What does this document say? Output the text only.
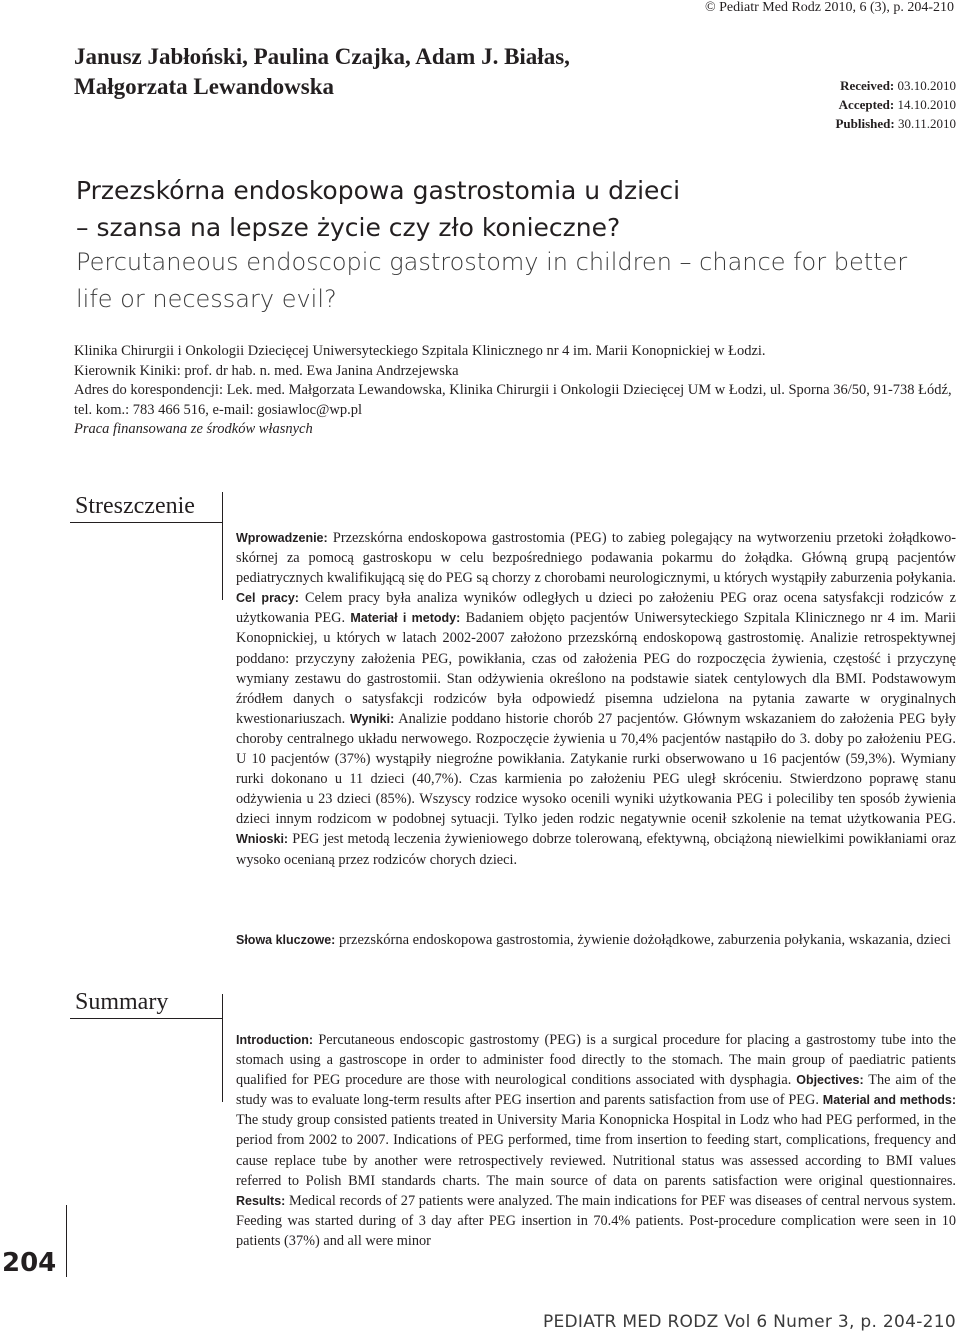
© Pediatr Med Rodz 2010, 6 (3), p. 204-210
Janusz Jabłoński, Paulina Czajka, Adam J. Białas,
Małgorzata Lewandowska	Received: 03.10.2010
Accepted: 14.10.2010
Published: 30.11.2010
Przezskórna endoskopowa gastrostomia u dzieci
– szansa na lepsze życie czy zło konieczne?
Percutaneous endoscopic gastrostomy in children – chance for better
life or necessary evil?

Klinika Chirurgii i Onkologii Dziecięcej Uniwersyteckiego Szpitala Klinicznego nr 4 im. Marii Konopnickiej w Łodzi.

Kierownik Kiniki: prof. dr hab. n. med. Ewa Janina Andrzejewska

Adres do korespondencji: Lek. med. Małgorzata Lewandowska, Klinika Chirurgii i Onkologii Dziecięcej UM w Łodzi, ul. Sporna 36/50, 91-738 Łódź, tel. kom.: 783 466 516, e-mail: gosiawloc@wp.pl

Praca finansowana ze środków własnych

Streszczenie
Wprowadzenie: Przezskórna endoskopowa gastrostomia (PEG) to zabieg polegający na wytworzeniu przetoki żołądkowo-skórnej za pomocą gastroskopu w celu bezpośredniego podawania pokarmu do żołądka. Główną grupą pacjentów pediatrycznych kwalifikującą się do PEG są chorzy z chorobami neurologicznymi, u których wystąpiły zaburzenia połykania. Cel pracy: Celem pracy była analiza wyników odległych u dzieci po założeniu PEG oraz ocena satysfakcji rodziców z użytkowania PEG. Materiał i metody: Badaniem objęto pacjentów Uniwersyteckiego Szpitala Klinicznego nr 4 im. Marii Konopnickiej, u których w latach 2002-2007 założono przezskórną endoskopową gastrostomię. Analizie retrospektywnej poddano: przyczyny założenia PEG, powikłania, czas od założenia PEG do rozpoczęcia żywienia, częstość i przyczynę wymiany zestawu do gastrostomii. Stan odżywienia określono na podstawie siatek centylowych dla BMI. Podstawowym źródłem danych o satysfakcji rodziców była odpowiedź pisemna udzielona na pytania zawarte w oryginalnych kwestionariuszach. Wyniki: Analizie poddano historie chorób 27 pacjentów. Głównym wskazaniem do założenia PEG były choroby centralnego układu nerwowego. Rozpoczęcie żywienia u 70,4% pacjentów nastąpiło do 3. doby po założeniu PEG. U 10 pacjentów (37%) wystąpiły niegroźne powikłania. Zatykanie rurki obserwowano u 16 pacjentów (59,3%). Wymiany rurki dokonano u 11 dzieci (40,7%). Czas karmienia po założeniu PEG uległ skróceniu. Stwierdzono poprawę stanu odżywienia u 23 dzieci (85%). Wszyscy rodzice wysoko ocenili wyniki użytkowania PEG i poleciliby ten sposób żywienia dzieci innym rodzicom w podobnej sytuacji. Tylko jeden rodzic negatywnie ocenił szkolenie na temat użytkowania PEG. Wnioski: PEG jest metodą leczenia żywieniowego dobrze tolerowaną, efektywną, obciążoną niewielkimi powikłaniami oraz wysoko ocenianą przez rodziców chorych dzieci.
Słowa kluczowe: przezskórna endoskopowa gastrostomia, żywienie dożołądkowe, zaburzenia połykania, wskazania, dzieci
Summary
Introduction: Percutaneous endoscopic gastrostomy (PEG) is a surgical procedure for placing a gastrostomy tube into the stomach using a gastroscope in order to administer food directly to the stomach. The main group of paediatric patients qualified for PEG procedure are those with neurological conditions associated with dysphagia. Objectives: The aim of the study was to evaluate long-term results after PEG insertion and parents satisfaction from use of PEG. Material and methods: The study group consisted patients treated in University Maria Konopnicka Hospital in Lodz who had PEG performed, in the period from 2002 to 2007. Indications of PEG performed, time from insertion to feeding start, complications, frequency and cause replace tube by another were retrospectively reviewed. Nutritional status was assessed according to BMI values referred to Polish BMI standards charts. The main source of data on parents satisfaction were original questionnaires. Results: Medical records of 27 patients were analyzed. The main indications for PEF was diseases of central nervous system. Feeding was started during of 3 day after PEG insertion in 70.4% patients. Post-procedure complication were seen in 10 patients (37%) and all were minor
204
PEDIATR MED RODZ Vol 6 Numer 3, p. 204-210
